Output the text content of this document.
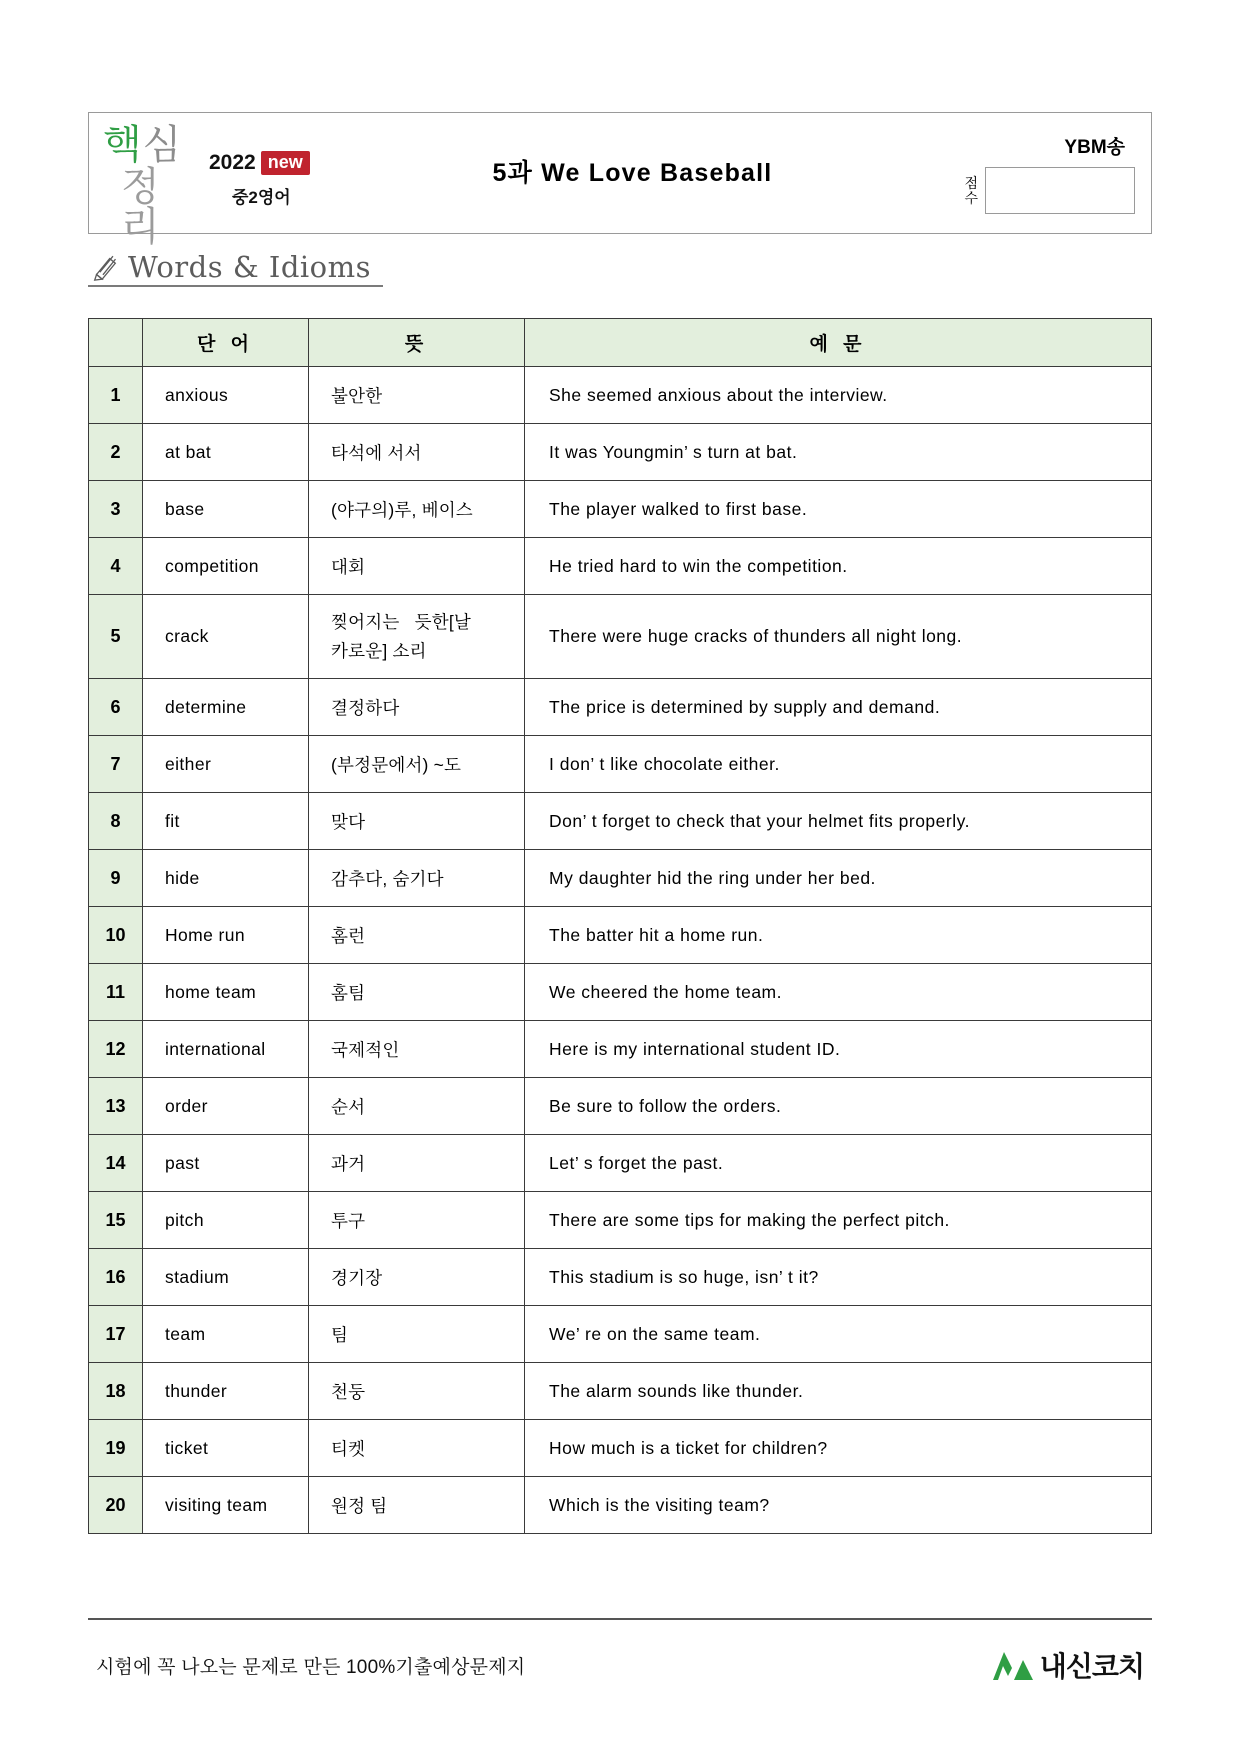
핵심
정리
2022 new
중2영어
5과 We Love Baseball
YBM송
점
수
Words & Idioms
	단 어	뜻	예 문
1	anxious	불안한	She seemed anxious about the interview.
2	at bat	타석에 서서	It was Youngmin’ s turn at bat.
3	base	(야구의)루, 베이스	The player walked to first base.
4	competition	대회	He tried hard to win the competition.
5	crack	찢어지는   듯한[날
카로운] 소리	There were huge cracks of thunders all night long.
6	determine	결정하다	The price is determined by supply and demand.
7	either	(부정문에서) ~도	I don’ t like chocolate either.
8	fit	맞다	Don’ t forget to check that your helmet fits properly.
9	hide	감추다, 숨기다	My daughter hid the ring under her bed.
10	Home run	홈런	The batter hit a home run.
11	home team	홈팀	We cheered the home team.
12	international	국제적인	Here is my international student ID.
13	order	순서	Be sure to follow the orders.
14	past	과거	Let’ s forget the past.
15	pitch	투구	There are some tips for making the perfect pitch.
16	stadium	경기장	This stadium is so huge, isn’ t it?
17	team	팀	We’ re on the same team.
18	thunder	천둥	The alarm sounds like thunder.
19	ticket	티켓	How much is a ticket for children?
20	visiting team	원정 팀	Which is the visiting team?
시험에 꼭 나오는 문제로 만든 100%기출예상문제지	내신코치
